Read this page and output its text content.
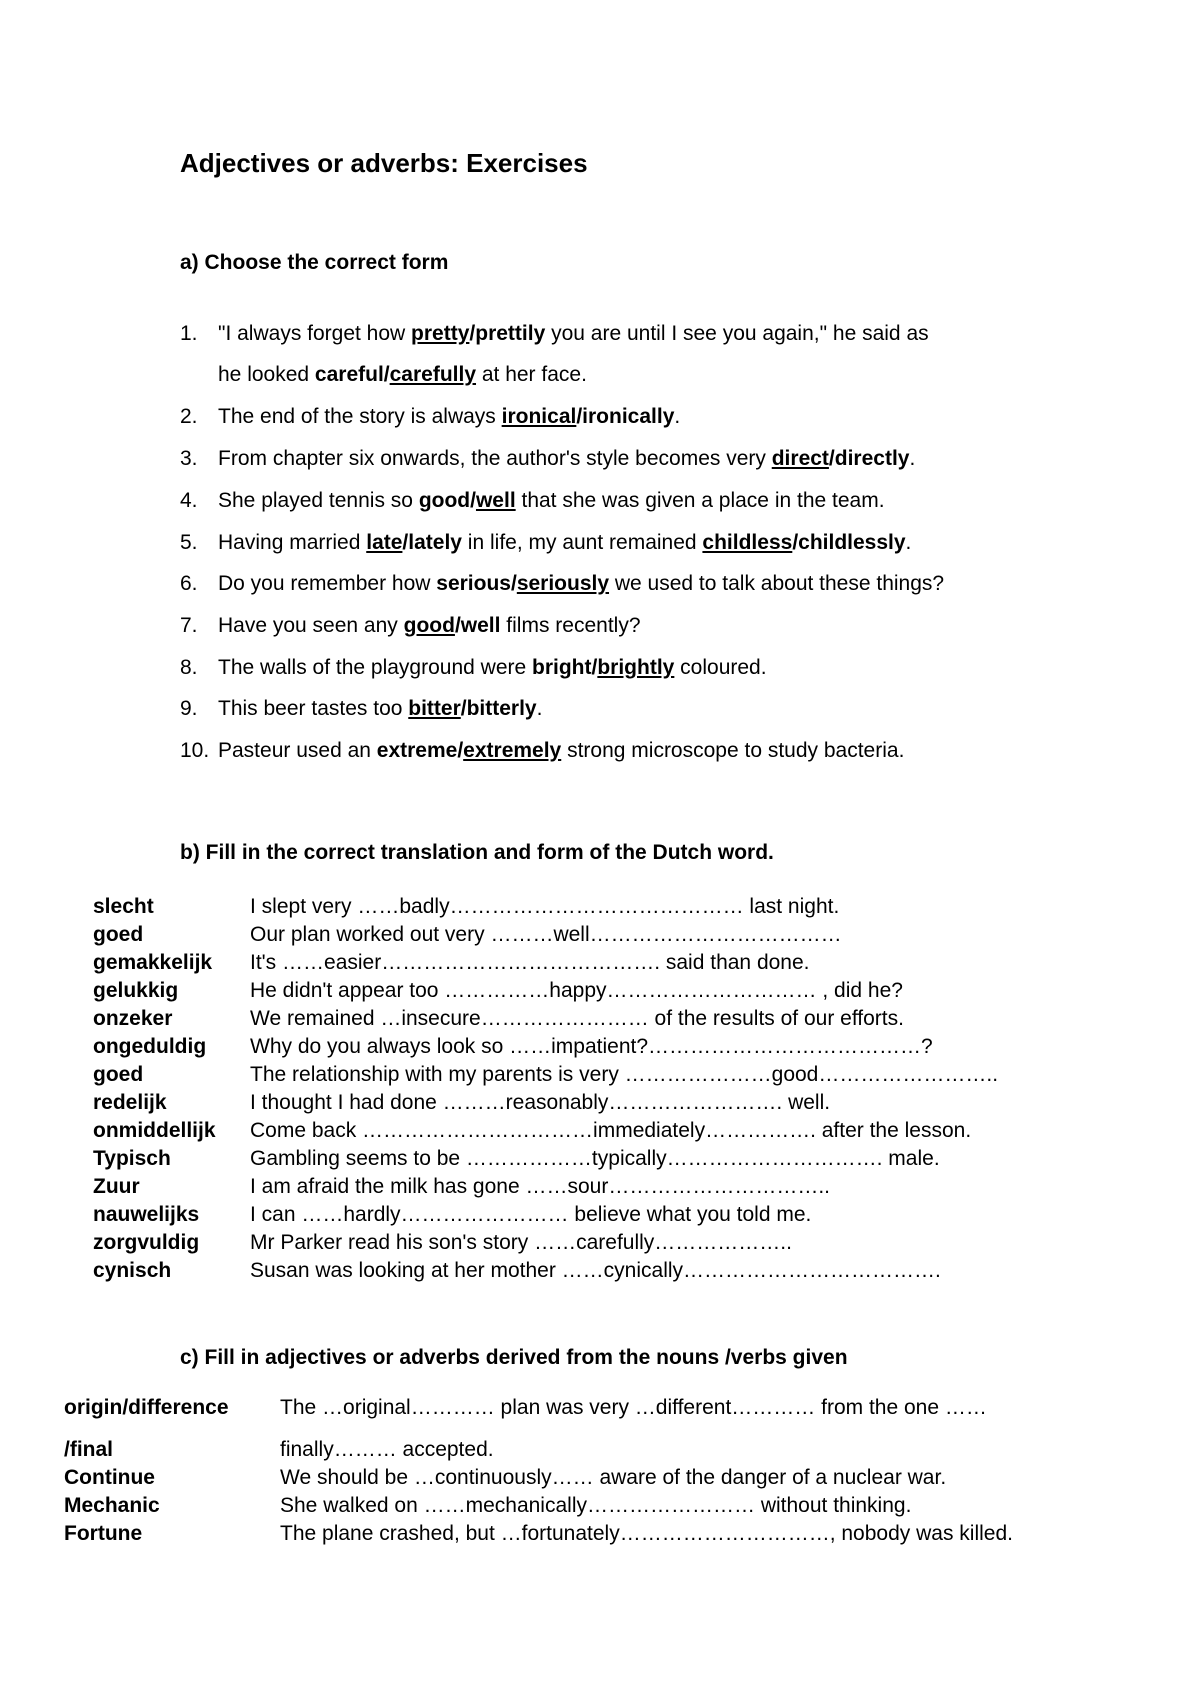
Adjectives or adverbs: Exercises
a) Choose the correct form
1. "I always forget how pretty/prettily you are until I see you again," he said as
he looked careful/carefully at her face.
2. The end of the story is always ironical/ironically.
3. From chapter six onwards, the author's style becomes very direct/directly.
4. She played tennis so good/well that she was given a place in the team.
5. Having married late/lately in life, my aunt remained childless/childlessly.
6. Do you remember how serious/seriously we used to talk about these things?
7. Have you seen any good/well films recently?
8. The walls of the playground were bright/brightly coloured.
9. This beer tastes too bitter/bitterly.
10. Pasteur used an extreme/extremely strong microscope to study bacteria.
b) Fill in the correct translation and form of the Dutch word.
slecht	I slept very ……badly…………………………………… last night.
goed	Our plan worked out very ………well………………………………
gemakkelijk	It's ……easier…………………………………. said than done.
gelukkig	He didn't appear too ……………happy………………………… , did he?
onzeker	We remained …insecure…………………… of the results of our efforts.
ongeduldig	Why do you always look so ……impatient?…………………………………?
goed	The relationship with my parents is very …………………good……………………..
redelijk	I thought I had done ………reasonably……………………. well.
onmiddellijk	Come back ……………………………immediately……………. after the lesson.
Typisch	Gambling seems to be ………………typically…………………………. male.
Zuur	I am afraid the milk has gone ……sour…………………………..
nauwelijks	I can ……hardly…………………… believe what you told me.
zorgvuldig	Mr Parker read his son's story ……carefully………………..
cynisch	Susan was looking at her mother ……cynically……………………………….
c) Fill in adjectives or adverbs derived from the nouns /verbs given
origin/difference	The …original………… plan was very …different………… from the one ……
/final	finally……… accepted.
Continue	We should be …continuously…… aware of the danger of a nuclear war.
Mechanic	She walked on ……mechanically…………………… without thinking.
Fortune	The plane crashed, but …fortunately…………………………, nobody was killed.
